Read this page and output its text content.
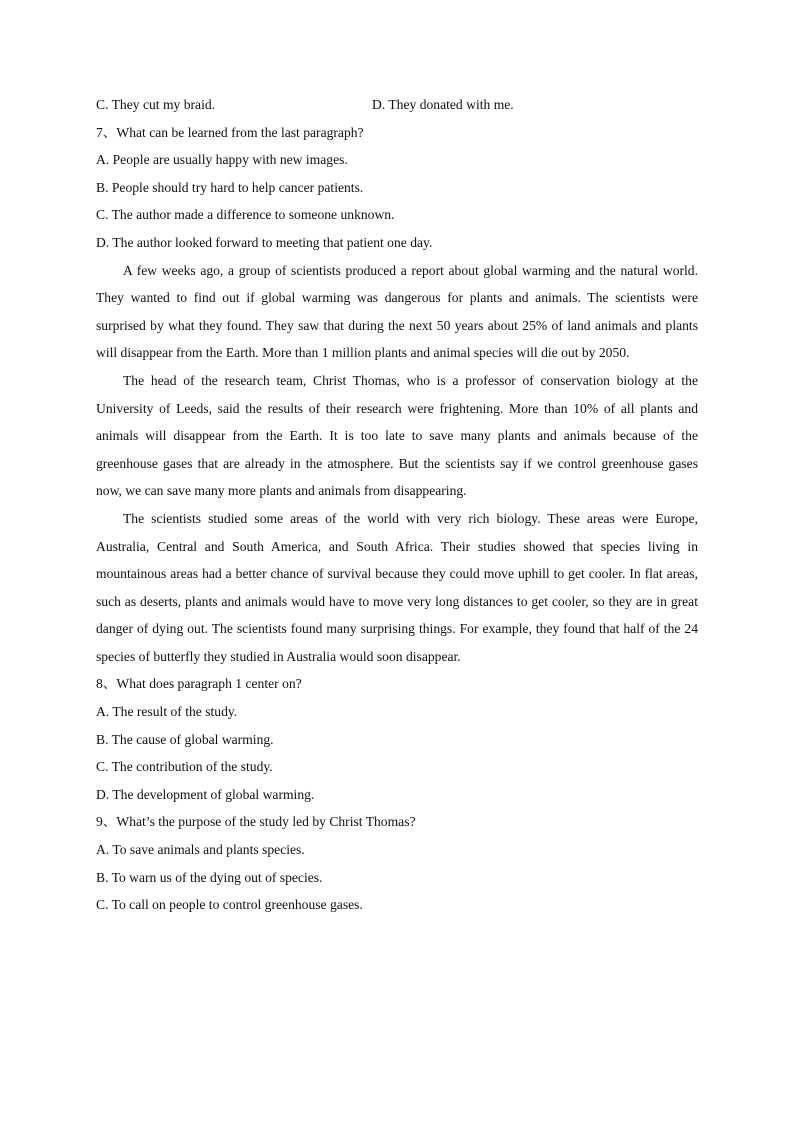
C. They cut my braid.	D. They donated with me.
7、What can be learned from the last paragraph?
A. People are usually happy with new images.
B. People should try hard to help cancer patients.
C. The author made a difference to someone unknown.
D. The author looked forward to meeting that patient one day.
A few weeks ago, a group of scientists produced a report about global warming and the natural world. They wanted to find out if global warming was dangerous for plants and animals. The scientists were surprised by what they found. They saw that during the next 50 years about 25% of land animals and plants will disappear from the Earth. More than 1 million plants and animal species will die out by 2050.
The head of the research team, Christ Thomas, who is a professor of conservation biology at the University of Leeds, said the results of their research were frightening. More than 10% of all plants and animals will disappear from the Earth. It is too late to save many plants and animals because of the greenhouse gases that are already in the atmosphere. But the scientists say if we control greenhouse gases now, we can save many more plants and animals from disappearing.
The scientists studied some areas of the world with very rich biology. These areas were Europe, Australia, Central and South America, and South Africa. Their studies showed that species living in mountainous areas had a better chance of survival because they could move uphill to get cooler. In flat areas, such as deserts, plants and animals would have to move very long distances to get cooler, so they are in great danger of dying out. The scientists found many surprising things. For example, they found that half of the 24 species of butterfly they studied in Australia would soon disappear.
8、What does paragraph 1 center on?
A. The result of the study.
B. The cause of global warming.
C. The contribution of the study.
D. The development of global warming.
9、What’s the purpose of the study led by Christ Thomas?
A. To save animals and plants species.
B. To warn us of the dying out of species.
C. To call on people to control greenhouse gases.
